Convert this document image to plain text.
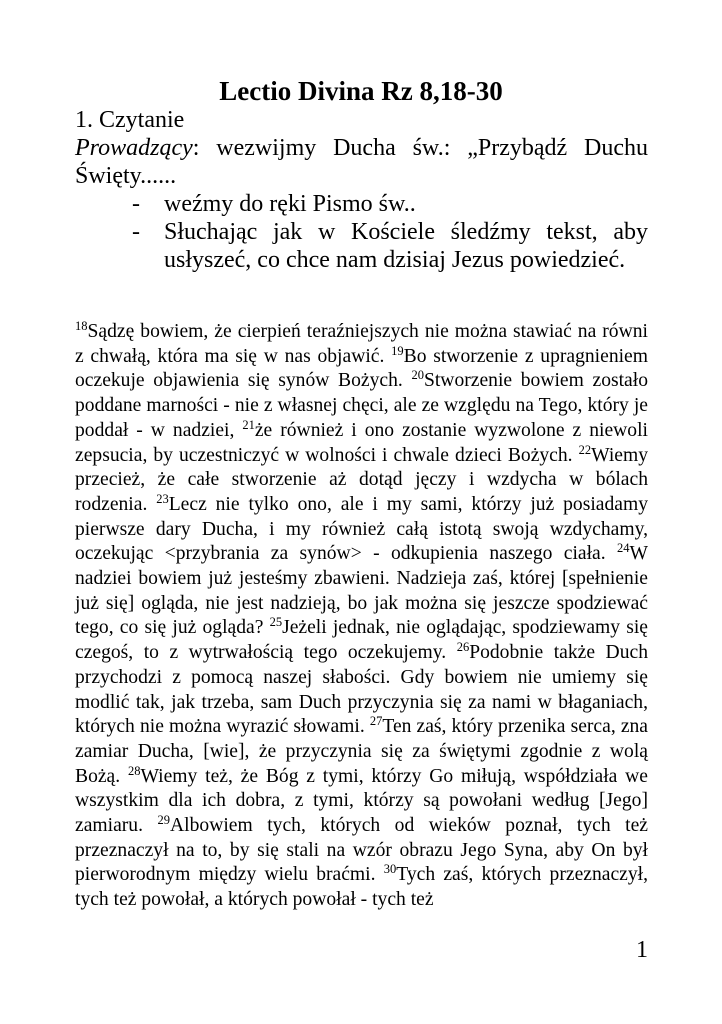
Lectio Divina Rz 8,18-30

1. Czytanie

Prowadzący: wezwijmy Ducha św.: „Przybądź Duchu Święty......

- weźmy do ręki Pismo św..
- Słuchając jak w Kościele śledźmy tekst, aby usłyszeć, co chce nam dzisiaj Jezus powiedzieć.
$^{18}$Sądzę bowiem, że cierpień teraźniejszych nie można stawiać na równi z chwałą, która ma się w nas objawić. $^{19}$Bo stworzenie z upragnieniem oczekuje objawienia się synów Bożych. $^{20}$Stworzenie bowiem zostało poddane marności - nie z własnej chęci, ale ze względu na Tego, który je poddał - w nadziei, $^{21}$że również i ono zostanie wyzwolone z niewoli zepsucia, by uczestniczyć w wolności i chwale dzieci Bożych. $^{22}$Wiemy przecież, że całe stworzenie aż dotąd jęczy i wzdycha w bólach rodzenia. $^{23}$Lecz nie tylko ono, ale i my sami, którzy już posiadamy pierwsze dary Ducha, i my również całą istotą swoją wzdychamy, oczekując <przybrania za synów> - odkupienia naszego ciała. $^{24}$W nadziei bowiem już jesteśmy zbawieni. Nadzieja zaś, której [spełnienie już się] ogląda, nie jest nadzieją, bo jak można się jeszcze spodziewać tego, co się już ogląda? $^{25}$Jeżeli jednak, nie oglądając, spodziewamy się czegoś, to z wytrwałością tego oczekujemy. $^{26}$Podobnie także Duch przychodzi z pomocą naszej słabości. Gdy bowiem nie umiemy się modlić tak, jak trzeba, sam Duch przyczynia się za nami w błaganiach, których nie można wyrazić słowami. $^{27}$Ten zaś, który przenika serca, zna zamiar Ducha, [wie], że przyczynia się za świętymi zgodnie z wolą Bożą. $^{28}$Wiemy też, że Bóg z tymi, którzy Go miłują, współdziała we wszystkim dla ich dobra, z tymi, którzy są powołani według [Jego] zamiaru. $^{29}$Albowiem tych, których od wieków poznał, tych też przeznaczył na to, by się stali na wzór obrazu Jego Syna, aby On był pierworodnym między wielu braćmi. $^{30}$Tych zaś, których przeznaczył, tych też powołał, a których powołał - tych też
1
